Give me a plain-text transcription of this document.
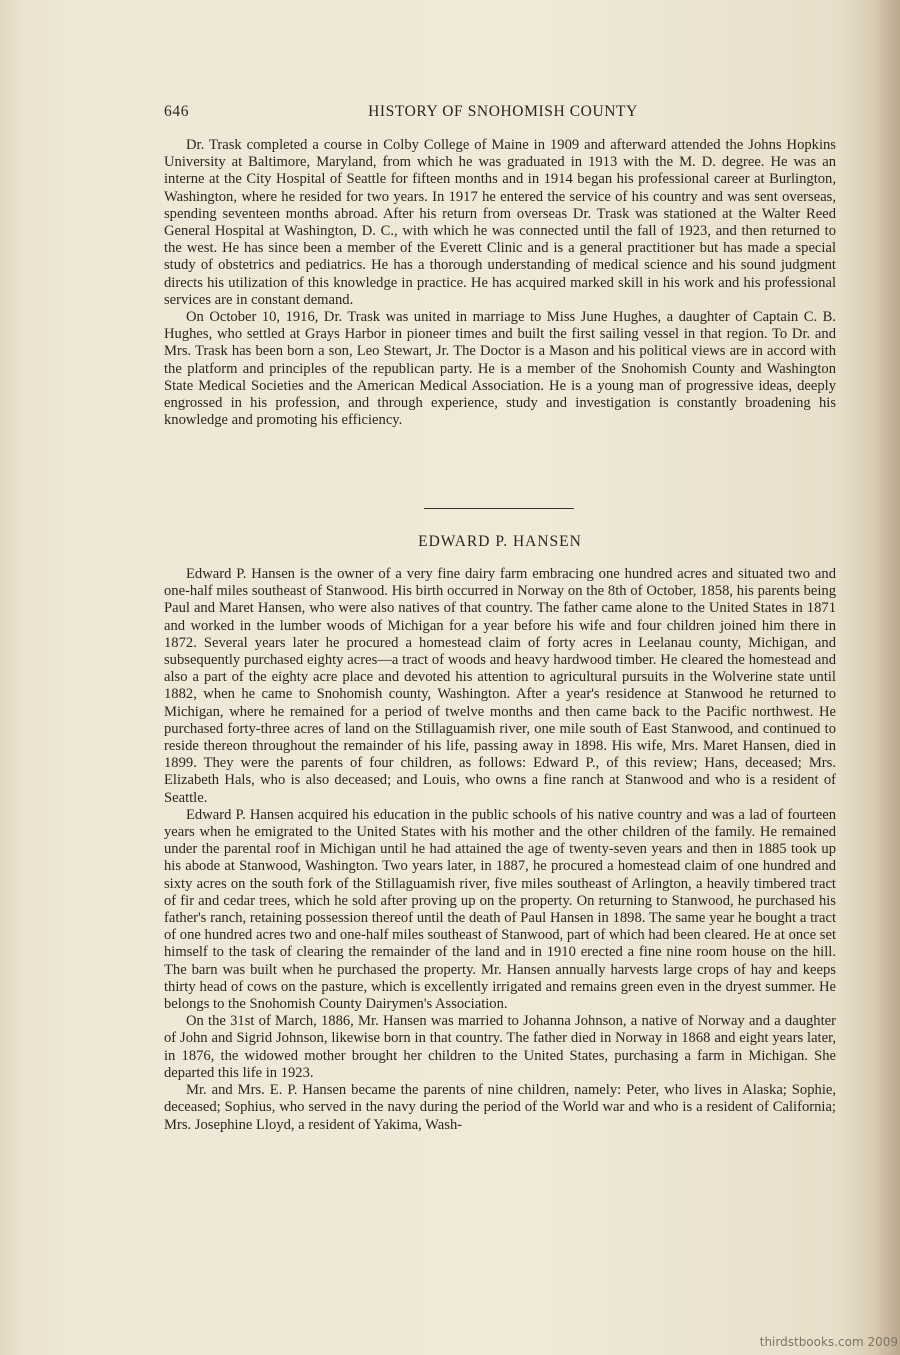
646	HISTORY OF SNOHOMISH COUNTY

Dr. Trask completed a course in Colby College of Maine in 1909 and afterward attended the Johns Hopkins University at Baltimore, Maryland, from which he was graduated in 1913 with the M. D. degree. He was an interne at the City Hospital of Seattle for fifteen months and in 1914 began his professional career at Burlington, Washington, where he resided for two years. In 1917 he entered the service of his country and was sent overseas, spending seventeen months abroad. After his return from overseas Dr. Trask was stationed at the Walter Reed General Hospital at Washington, D. C., with which he was connected until the fall of 1923, and then returned to the west. He has since been a member of the Everett Clinic and is a general practitioner but has made a special study of obstetrics and pediatrics. He has a thorough understanding of medical science and his sound judgment directs his utilization of this knowledge in practice. He has acquired marked skill in his work and his professional services are in constant demand.

On October 10, 1916, Dr. Trask was united in marriage to Miss June Hughes, a daughter of Captain C. B. Hughes, who settled at Grays Harbor in pioneer times and built the first sailing vessel in that region. To Dr. and Mrs. Trask has been born a son, Leo Stewart, Jr. The Doctor is a Mason and his political views are in accord with the platform and principles of the republican party. He is a member of the Snohomish County and Washington State Medical Societies and the American Medical Association. He is a young man of progressive ideas, deeply engrossed in his profession, and through experience, study and investigation is constantly broadening his knowledge and promoting his efficiency.

EDWARD P. HANSEN

Edward P. Hansen is the owner of a very fine dairy farm embracing one hundred acres and situated two and one-half miles southeast of Stanwood. His birth occurred in Norway on the 8th of October, 1858, his parents being Paul and Maret Hansen, who were also natives of that country. The father came alone to the United States in 1871 and worked in the lumber woods of Michigan for a year before his wife and four children joined him there in 1872. Several years later he procured a homestead claim of forty acres in Leelanau county, Michigan, and subsequently purchased eighty acres—a tract of woods and heavy hardwood timber. He cleared the homestead and also a part of the eighty acre place and devoted his attention to agricultural pursuits in the Wolverine state until 1882, when he came to Snohomish county, Washington. After a year's residence at Stanwood he returned to Michigan, where he remained for a period of twelve months and then came back to the Pacific northwest. He purchased forty-three acres of land on the Stillaguamish river, one mile south of East Stanwood, and continued to reside thereon throughout the remainder of his life, passing away in 1898. His wife, Mrs. Maret Hansen, died in 1899. They were the parents of four children, as follows: Edward P., of this review; Hans, deceased; Mrs. Elizabeth Hals, who is also deceased; and Louis, who owns a fine ranch at Stanwood and who is a resident of Seattle.

Edward P. Hansen acquired his education in the public schools of his native country and was a lad of fourteen years when he emigrated to the United States with his mother and the other children of the family. He remained under the parental roof in Michigan until he had attained the age of twenty-seven years and then in 1885 took up his abode at Stanwood, Washington. Two years later, in 1887, he procured a homestead claim of one hundred and sixty acres on the south fork of the Stillaguamish river, five miles southeast of Arlington, a heavily timbered tract of fir and cedar trees, which he sold after proving up on the property. On returning to Stanwood, he purchased his father's ranch, retaining possession thereof until the death of Paul Hansen in 1898. The same year he bought a tract of one hundred acres two and one-half miles southeast of Stanwood, part of which had been cleared. He at once set himself to the task of clearing the remainder of the land and in 1910 erected a fine nine room house on the hill. The barn was built when he purchased the property. Mr. Hansen annually harvests large crops of hay and keeps thirty head of cows on the pasture, which is excellently irrigated and remains green even in the dryest summer. He belongs to the Snohomish County Dairymen's Association.

On the 31st of March, 1886, Mr. Hansen was married to Johanna Johnson, a native of Norway and a daughter of John and Sigrid Johnson, likewise born in that country. The father died in Norway in 1868 and eight years later, in 1876, the widowed mother brought her children to the United States, purchasing a farm in Michigan. She departed this life in 1923.

Mr. and Mrs. E. P. Hansen became the parents of nine children, namely: Peter, who lives in Alaska; Sophie, deceased; Sophius, who served in the navy during the period of the World war and who is a resident of California; Mrs. Josephine Lloyd, a resident of Yakima, Wash-

thirdstbooks.com 2009
